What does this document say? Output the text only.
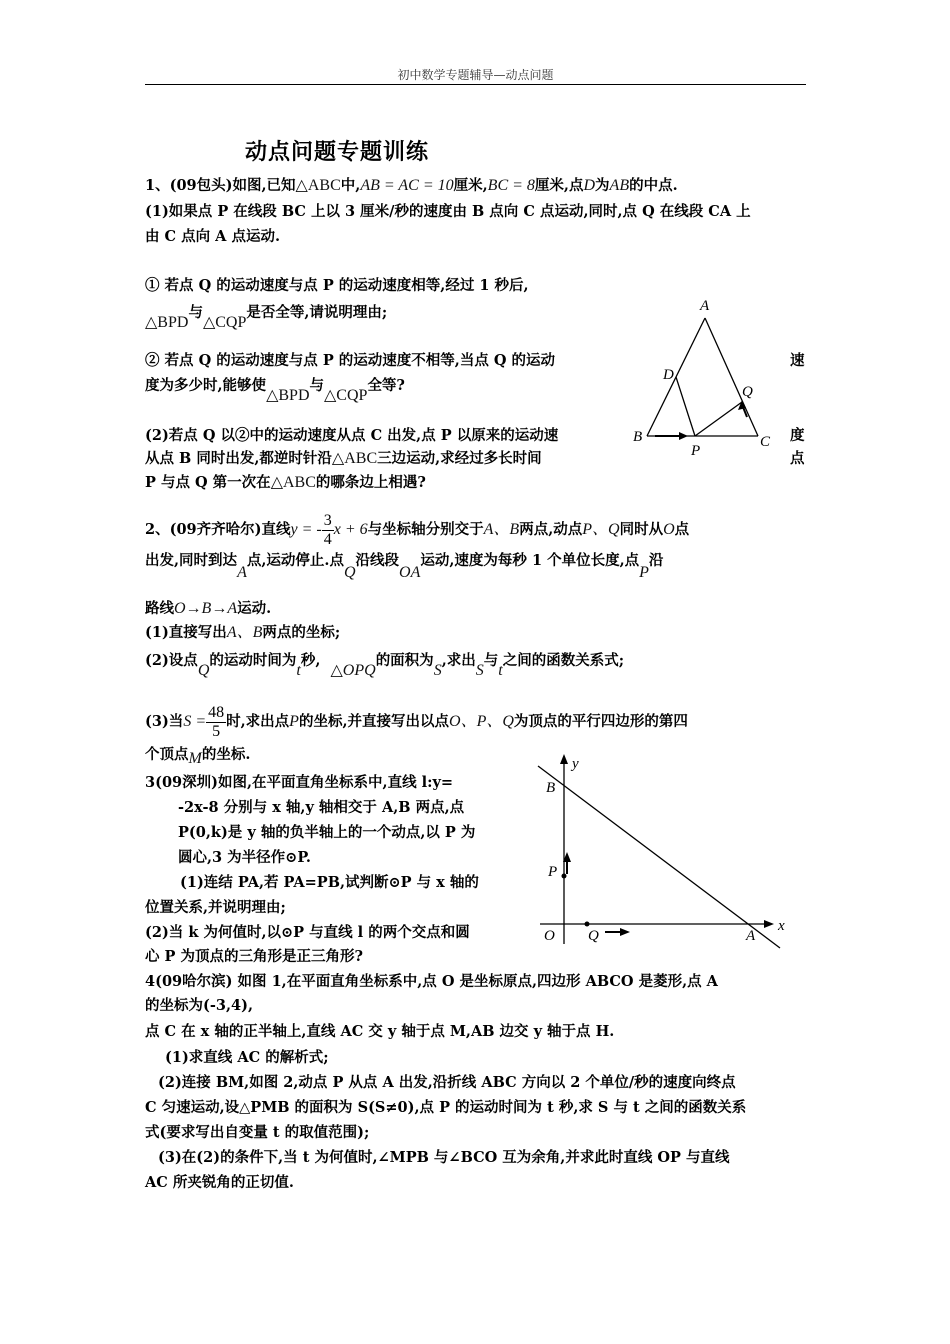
初中数学专题辅导—动点问题
动点问题专题训练
1、(09包头)如图,已知△ABC中,AB = AC = 10厘米,BC = 8厘米,点D为AB的中点.
(1)如果点 P 在线段 BC 上以 3 厘米/秒的速度由 B 点向 C 点运动,同时,点 Q 在线段 CA 上
由 C 点向 A 点运动.
① 若点 Q 的运动速度与点 P 的运动速度相等,经过 1 秒后,
△BPD与△CQP是否全等,请说明理由;
② 若点 Q 的运动速度与点 P 的运动速度不相等,当点 Q 的运动	速
度为多少时,能够使△BPD与△CQP全等?
(2)若点 Q 以②中的运动速度从点 C 出发,点 P 以原来的运动速	度
从点 B 同时出发,都逆时针沿△ABC三边运动,求经过多长时间	点
P 与点 Q 第一次在△ABC的哪条边上相遇?
A
B	C
D
P
Q
2、(09齐齐哈尔)直线y = - $\frac{3}{4}$ x + 6与坐标轴分别交于A、B两点,动点P、Q同时从O点
出发,同时到达A点,运动停止.点Q沿线段OA运动,速度为每秒 1 个单位长度,点P沿
路线O→B→A运动.
(1)直接写出A、B两点的坐标;
(2)设点Q的运动时间为t秒,  △OPQ的面积为S,求出S与t之间的函数关系式;
(3)当$S = \frac{48}{5}$ 时,求出点P的坐标,并直接写出以点O、P、Q为顶点的平行四边形的第四
个顶点M的坐标.
3(09深圳)如图,在平面直角坐标系中,直线 l:y=
-2x-8 分别与 x 轴,y 轴相交于 A,B 两点,点
P(0,k)是 y 轴的负半轴上的一个动点,以 P 为
圆心,3 为半径作⊙P.
(1)连结 PA,若 PA=PB,试判断⊙P 与 x 轴的
位置关系,并说明理由;
(2)当 k 为何值时,以⊙P 与直线 l 的两个交点和圆
心 P 为顶点的三角形是正三角形?
y
x
B
P
O Q	A
4(09哈尔滨) 如图 1,在平面直角坐标系中,点 O 是坐标原点,四边形 ABCO 是菱形,点 A
的坐标为(-3,4),
点 C 在 x 轴的正半轴上,直线 AC 交 y 轴于点 M,AB 边交 y 轴于点 H.
(1)求直线 AC 的解析式;
(2)连接 BM,如图 2,动点 P 从点 A 出发,沿折线 ABC 方向以 2 个单位/秒的速度向终点
C 匀速运动,设△PMB 的面积为 S(S≠0),点 P 的运动时间为 t 秒,求 S 与 t 之间的函数关系
式(要求写出自变量 t 的取值范围);
(3)在(2)的条件下,当 t 为何值时,∠MPB 与∠BCO 互为余角,并求此时直线 OP 与直线
AC 所夹锐角的正切值.
